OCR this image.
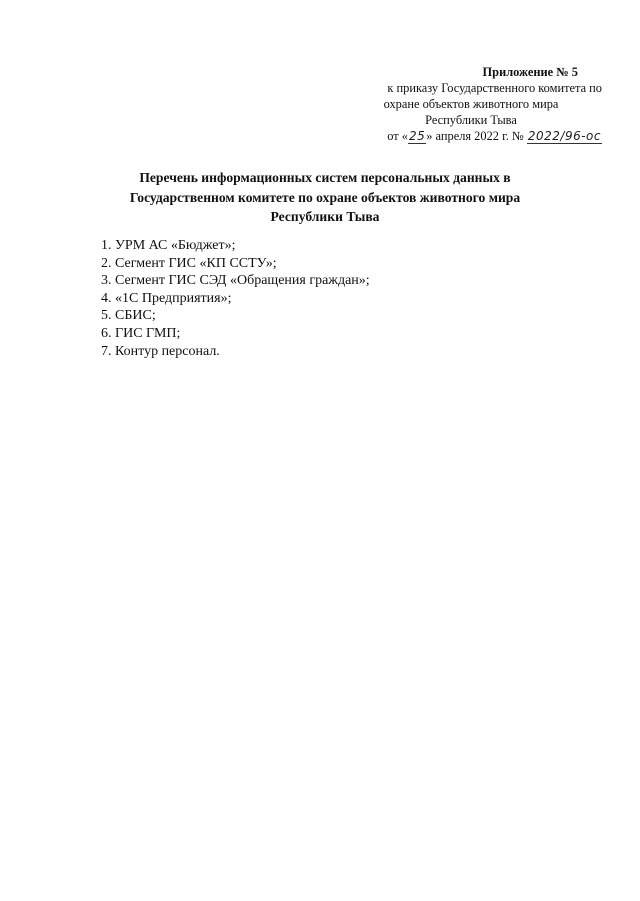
Приложение № 5
к приказу Государственного комитета по
охране объектов животного мира
Республики Тыва
от «25» апреля 2022 г. № 2022/96-ос
Перечень информационных систем персональных данных в
Государственном комитете по охране объектов животного мира
Республики Тыва
1. УРМ АС «Бюджет»;
2. Сегмент ГИС «КП ССТУ»;
3. Сегмент ГИС СЭД «Обращения граждан»;
4. «1С Предприятия»;
5. СБИС;
6. ГИС ГМП;
7. Контур персонал.
